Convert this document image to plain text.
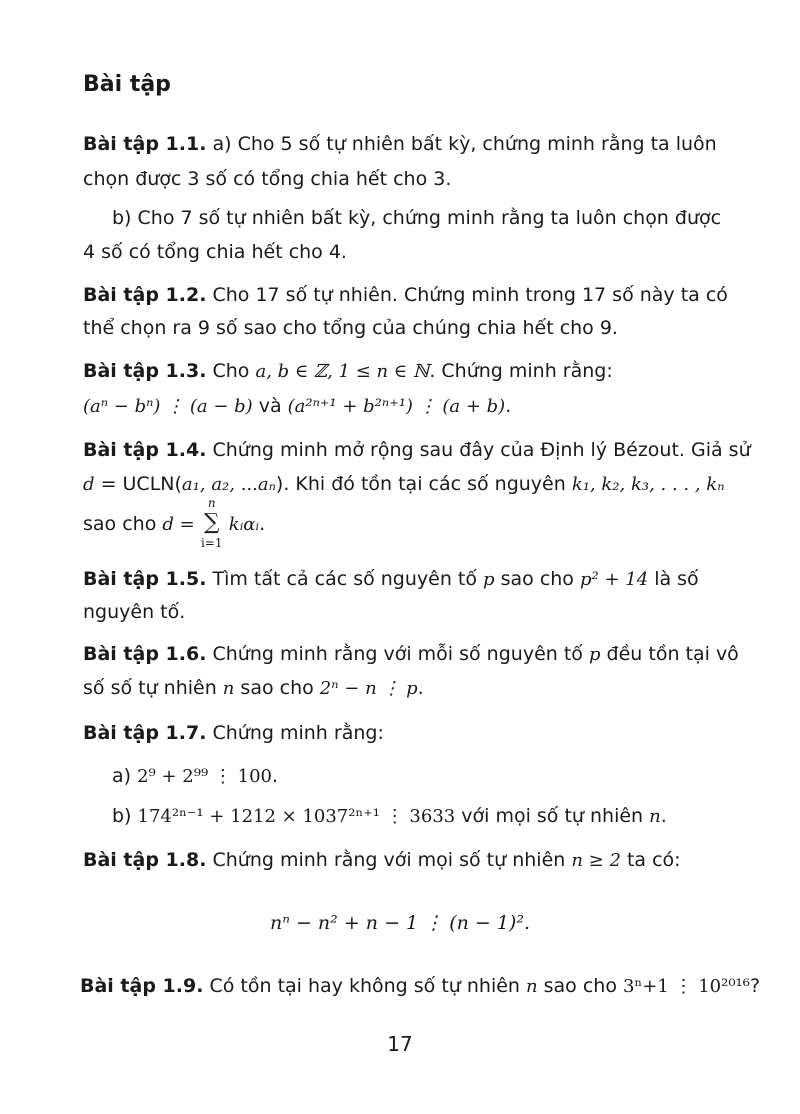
Bài tập
Bài tập 1.1. a) Cho 5 số tự nhiên bất kỳ, chứng minh rằng ta luôn
chọn được 3 số có tổng chia hết cho 3.
b) Cho 7 số tự nhiên bất kỳ, chứng minh rằng ta luôn chọn được
4 số có tổng chia hết cho 4.
Bài tập 1.2. Cho 17 số tự nhiên. Chứng minh trong 17 số này ta có
thể chọn ra 9 số sao cho tổng của chúng chia hết cho 9.
Bài tập 1.3. Cho a, b ∈ ℤ, 1 ≤ n ∈ ℕ. Chứng minh rằng:
(aⁿ − bⁿ) ⋮ (a − b) và (a²ⁿ⁺¹ + b²ⁿ⁺¹) ⋮ (a + b).
Bài tập 1.4. Chứng minh mở rộng sau đây của Định lý Bézout. Giả sử
d = UCLN(a₁, a₂, ...aₙ). Khi đó tồn tại các số nguyên k₁, k₂, k₃, . . . , kₙ
sao cho d =
n
∑
i=1
kᵢαᵢ.
Bài tập 1.5. Tìm tất cả các số nguyên tố p sao cho p² + 14 là số
nguyên tố.
Bài tập 1.6. Chứng minh rằng với mỗi số nguyên tố p đều tồn tại vô
số số tự nhiên n sao cho 2ⁿ − n ⋮ p.
Bài tập 1.7. Chứng minh rằng:
a) 2⁹ + 2⁹⁹ ⋮ 100.
b) 174²ⁿ⁻¹ + 1212 × 1037²ⁿ⁺¹ ⋮ 3633 với mọi số tự nhiên n.
Bài tập 1.8. Chứng minh rằng với mọi số tự nhiên n ≥ 2 ta có:
nⁿ − n² + n − 1 ⋮ (n − 1)².
Bài tập 1.9. Có tồn tại hay không số tự nhiên n sao cho 3ⁿ+1 ⋮ 10²⁰¹⁶?
17
